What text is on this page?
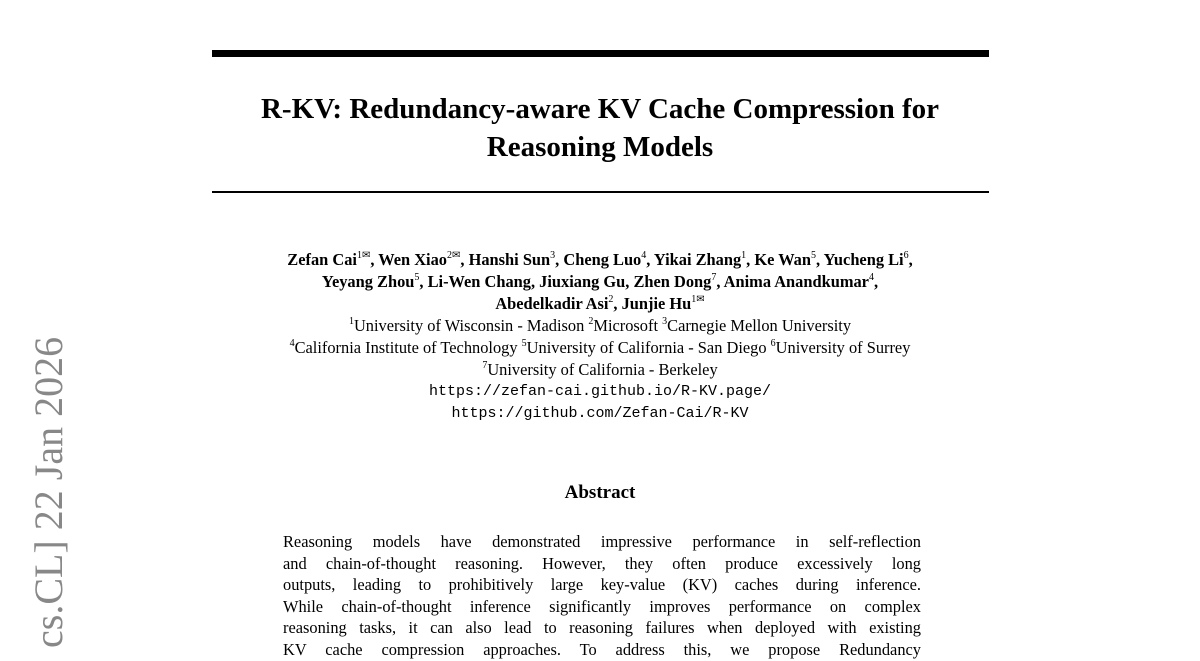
R-KV: Redundancy-aware KV Cache Compression for
Reasoning Models
Zefan Cai$^{1✉}$, Wen Xiao$^{2✉}$, Hanshi Sun$^3$, Cheng Luo$^4$, Yikai Zhang$^1$, Ke Wan$^5$, Yucheng Li$^6$,
Yeyang Zhou$^5$, Li-Wen Chang, Jiuxiang Gu, Zhen Dong$^7$, Anima Anandkumar$^4$,
Abedelkadir Asi$^2$, Junjie $Hu^{1✉}$
$^1$University of Wisconsin - Madison $^2$Microsoft $^3$Carnegie Mellon University
$^4$California Institute of Technology $^5$University of California - San Diego $^6$University of Surrey
$^7$University of California - Berkeley
https://zefan-cai.github.io/R-KV.page/
https://github.com/Zefan-Cai/R-KV
Abstract
Reasoning models have demonstrated impressive performance in self-reflection
and chain-of-thought reasoning. However, they often produce excessively long
outputs, leading to prohibitively large key-value (KV) caches during inference.
While chain-of-thought inference significantly improves performance on complex
reasoning tasks, it can also lead to reasoning failures when deployed with existing
KV cache compression approaches. To address this, we propose Redundancy
cs.CL] 22 Jan 2026
